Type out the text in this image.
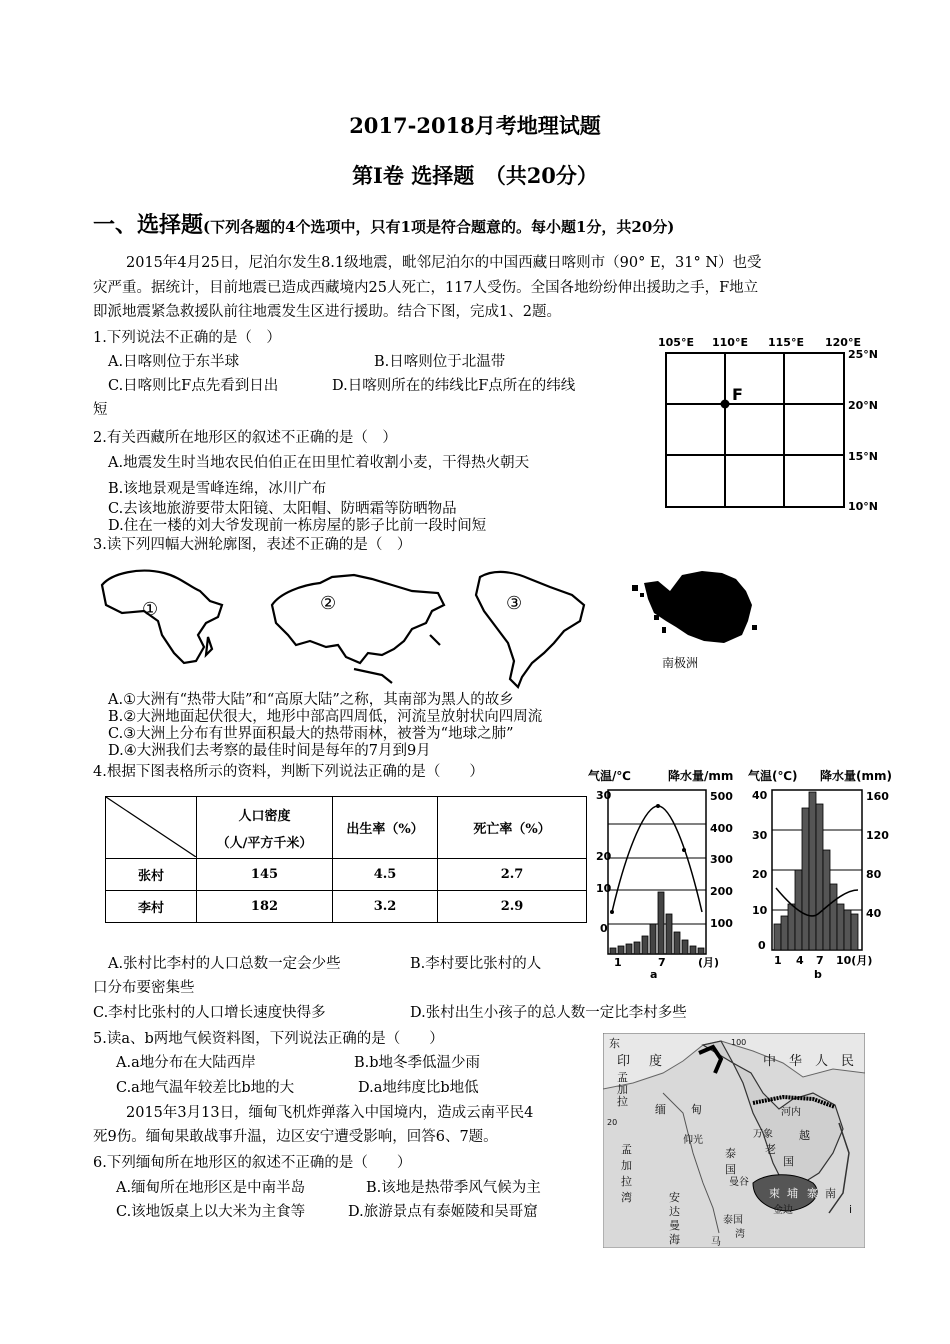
2017-2018月考地理试题
第Ⅰ卷 选择题　（共20分）
一、选择题(下列各题的4个选项中，只有1项是符合题意的。每小题1分，共20分)
2015年4月25日，尼泊尔发生8.1级地震，毗邻尼泊尔的中国西藏日喀则市（90° E，31° N）也受
灾严重。据统计，目前地震已造成西藏境内25人死亡，117人受伤。全国各地纷纷伸出援助之手，F地立
即派地震紧急救援队前往地震发生区进行援助。结合下图，完成1、2题。
1.下列说法不正确的是（　）
A.日喀则位于东半球	B.日喀则位于北温带
C.日喀则比F点先看到日出	D.日喀则所在的纬线比F点所在的纬线
短
105°E 110°E 115°E 120°E
25°N
20°N
15°N
10°N
F
2.有关西藏所在地形区的叙述不正确的是（　）
A.地震发生时当地农民伯伯正在田里忙着收割小麦，干得热火朝天
B.该地景观是雪峰连绵，冰川广布
C.去该地旅游要带太阳镜、太阳帽、防晒霜等防晒物品
D.住在一楼的刘大爷发现前一栋房屋的影子比前一段时间短
3.读下列四幅大洲轮廓图，表述不正确的是（　）
①	②	③
南极洲
A.①大洲有“热带大陆”和“高原大陆”之称，其南部为黑人的故乡
B.②大洲地面起伏很大，地形中部高四周低，河流呈放射状向四周流
C.③大洲上分布有世界面积最大的热带雨林，被誉为“地球之肺”
D.④大洲我们去考察的最佳时间是每年的7月到9月
4.根据下图表格所示的资料，判断下列说法正确的是（　　）

人口密度
（人/平方千米）	出生率（%）	死亡率（%）
张村	145	4.5	2.7
李村	182	3.2	2.9
气温/℃	降水量/mm
30
20
10
0
500
400
300
200
100
1	7	(月)
a
气温(℃) 降水量(mm)
40
30
20
10
0
160
120
80
40
1 4 7 10(月)
b
A.张村比李村的人口总数一定会少些	B.李村要比张村的人
口分布要密集些
C.李村比张村的人口增长速度快得多	D.张村出生小孩子的总人数一定比李村多些
5.读a、b两地气候资料图，下列说法正确的是（　　）
A.a地分布在大陆西岸	B.b地冬季低温少雨
C.a地气温年较差比b地的大	D.a地纬度比b地低
2015年3月13日，缅甸飞机炸弹落入中国境内，造成云南平民4
死9伤。缅甸果敢战事升温，边区安宁遭受影响，回答6、7题。
6.下列缅甸所在地形区的叙述不正确的是（　　）
A.缅甸所在地形区是中南半岛	B.该地是热带季风气候为主
C.该地饭桌上以大米为主食等	D.旅游景点有泰姬陵和吴哥窟
东	100
印 度	中 华 人 民
孟
加
拉
缅 甸	河内
仰光
万象 越
老
国
泰
国
曼谷
柬 埔 寨 南
金边
孟
加
拉
湾	安
达
曼
海
泰国
湾
马
20
i
